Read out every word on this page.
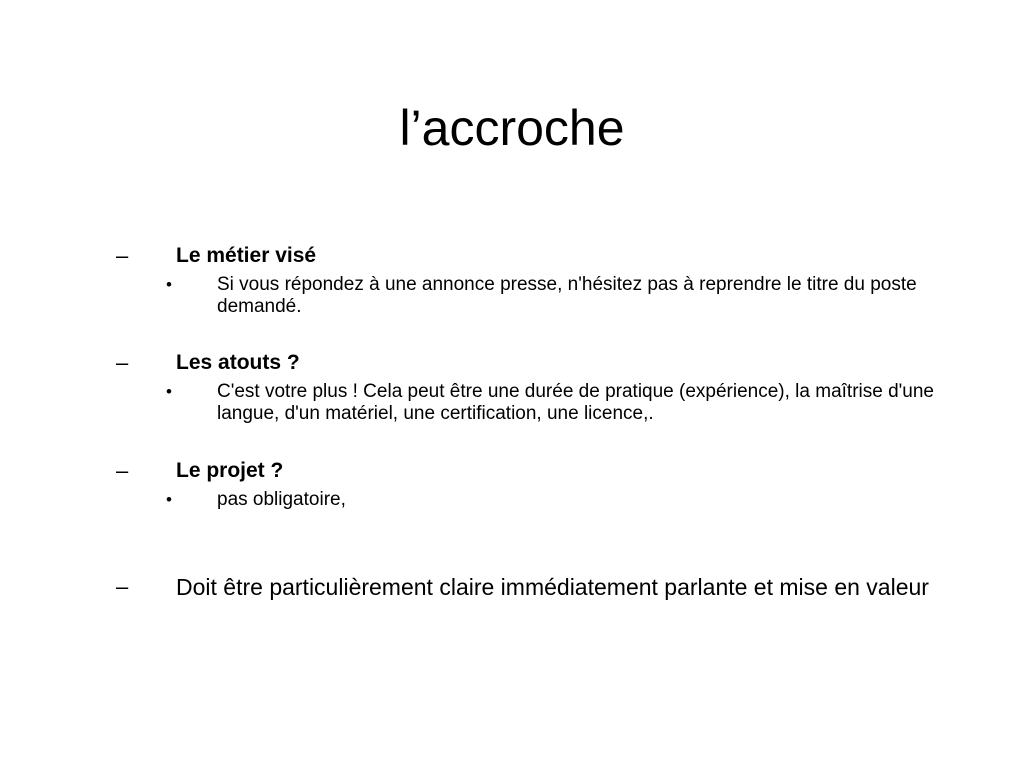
l’accroche
– Le métier visé
• Si vous répondez à une annonce presse, n'hésitez pas à reprendre le titre du poste demandé.
– Les atouts ?
• C'est votre plus ! Cela peut être une durée de pratique (expérience), la maîtrise d'une langue, d'un matériel, une certification, une licence,.
– Le projet ?
• pas obligatoire,
– Doit être particulièrement claire immédiatement parlante et mise en valeur
